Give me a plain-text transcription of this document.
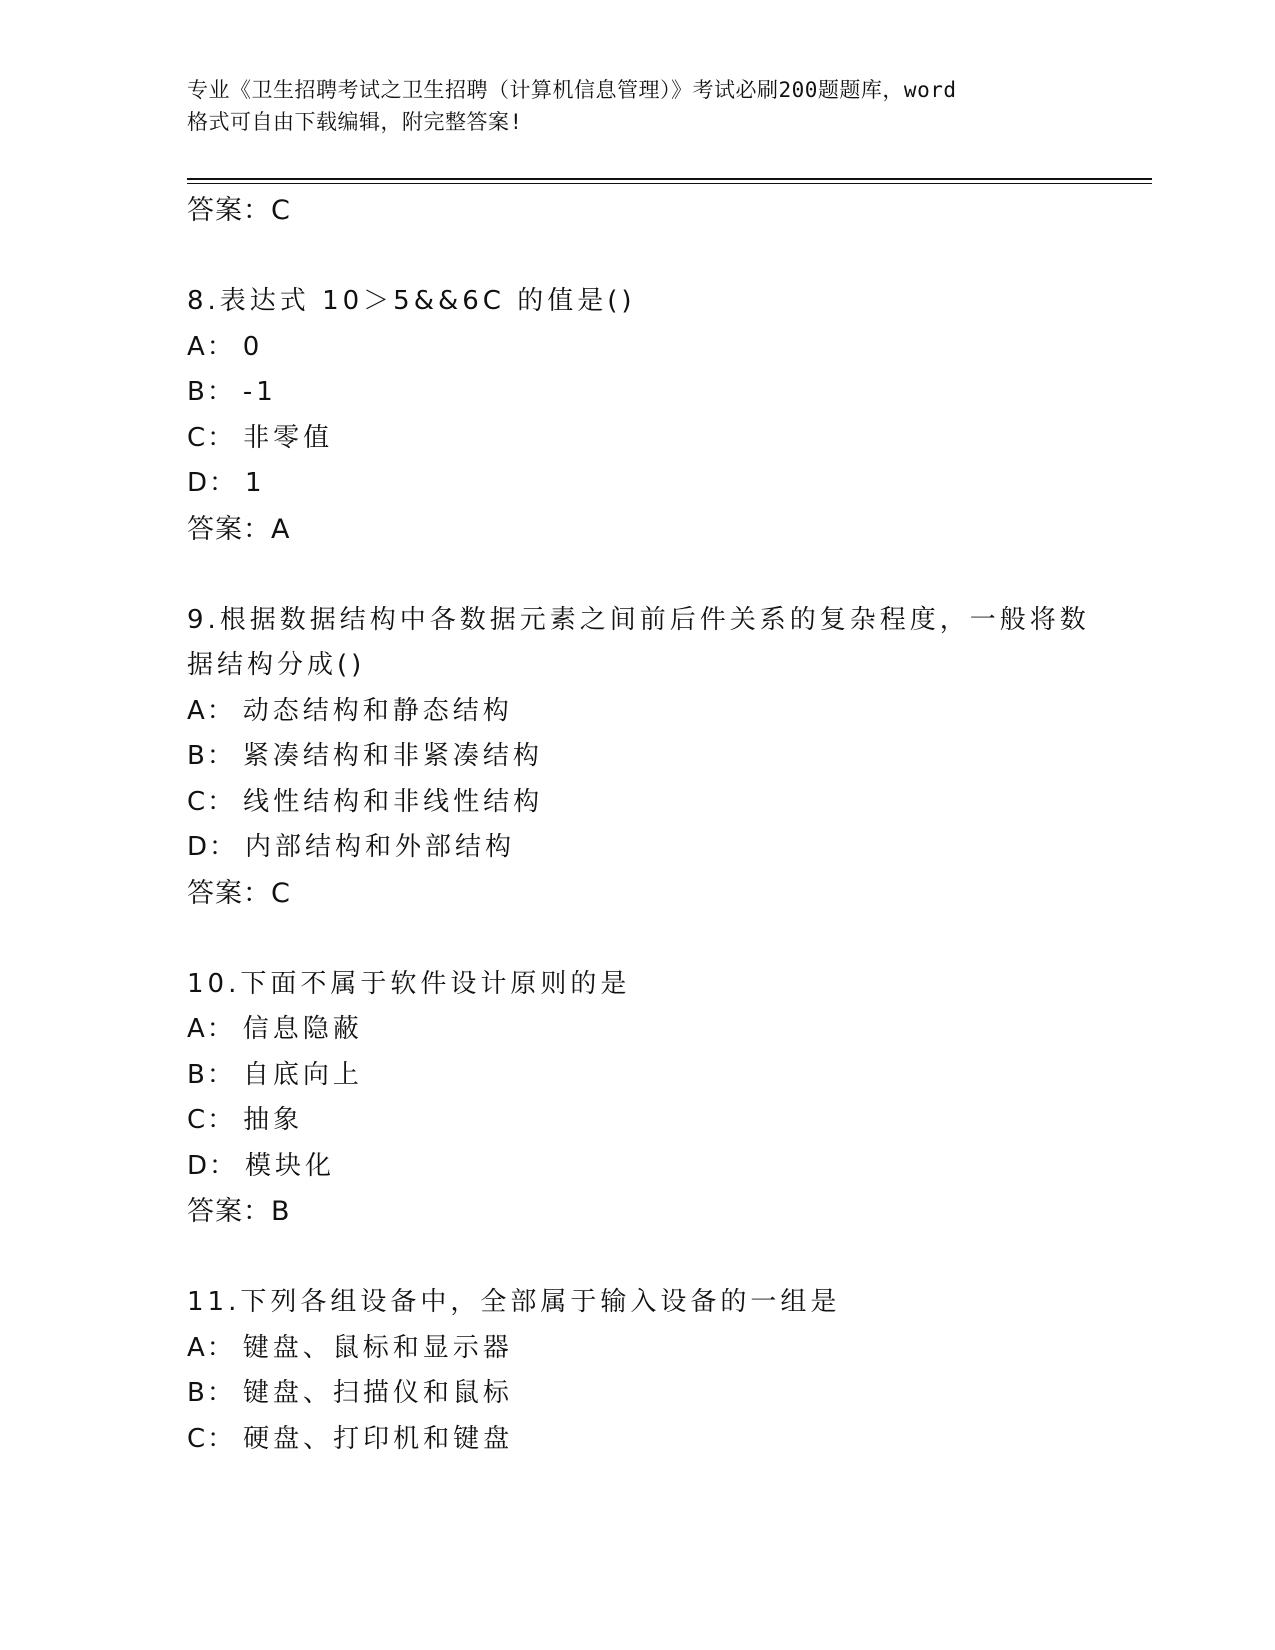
专业《卫生招聘考试之卫生招聘（计算机信息管理）》考试必刷200题题库，word
格式可自由下载编辑，附完整答案!
答案：C
8.表达式 10＞5&&6C 的值是()
A： 0
B： -1
C： 非零值
D： 1
答案：A
9.根据数据结构中各数据元素之间前后件关系的复杂程度，一般将数
据结构分成()
A： 动态结构和静态结构
B： 紧凑结构和非紧凑结构
C： 线性结构和非线性结构
D： 内部结构和外部结构
答案：C
10.下面不属于软件设计原则的是
A： 信息隐蔽
B： 自底向上
C： 抽象
D： 模块化
答案：B
11.下列各组设备中，全部属于输入设备的一组是
A： 键盘、鼠标和显示器
B： 键盘、扫描仪和鼠标
C： 硬盘、打印机和键盘
